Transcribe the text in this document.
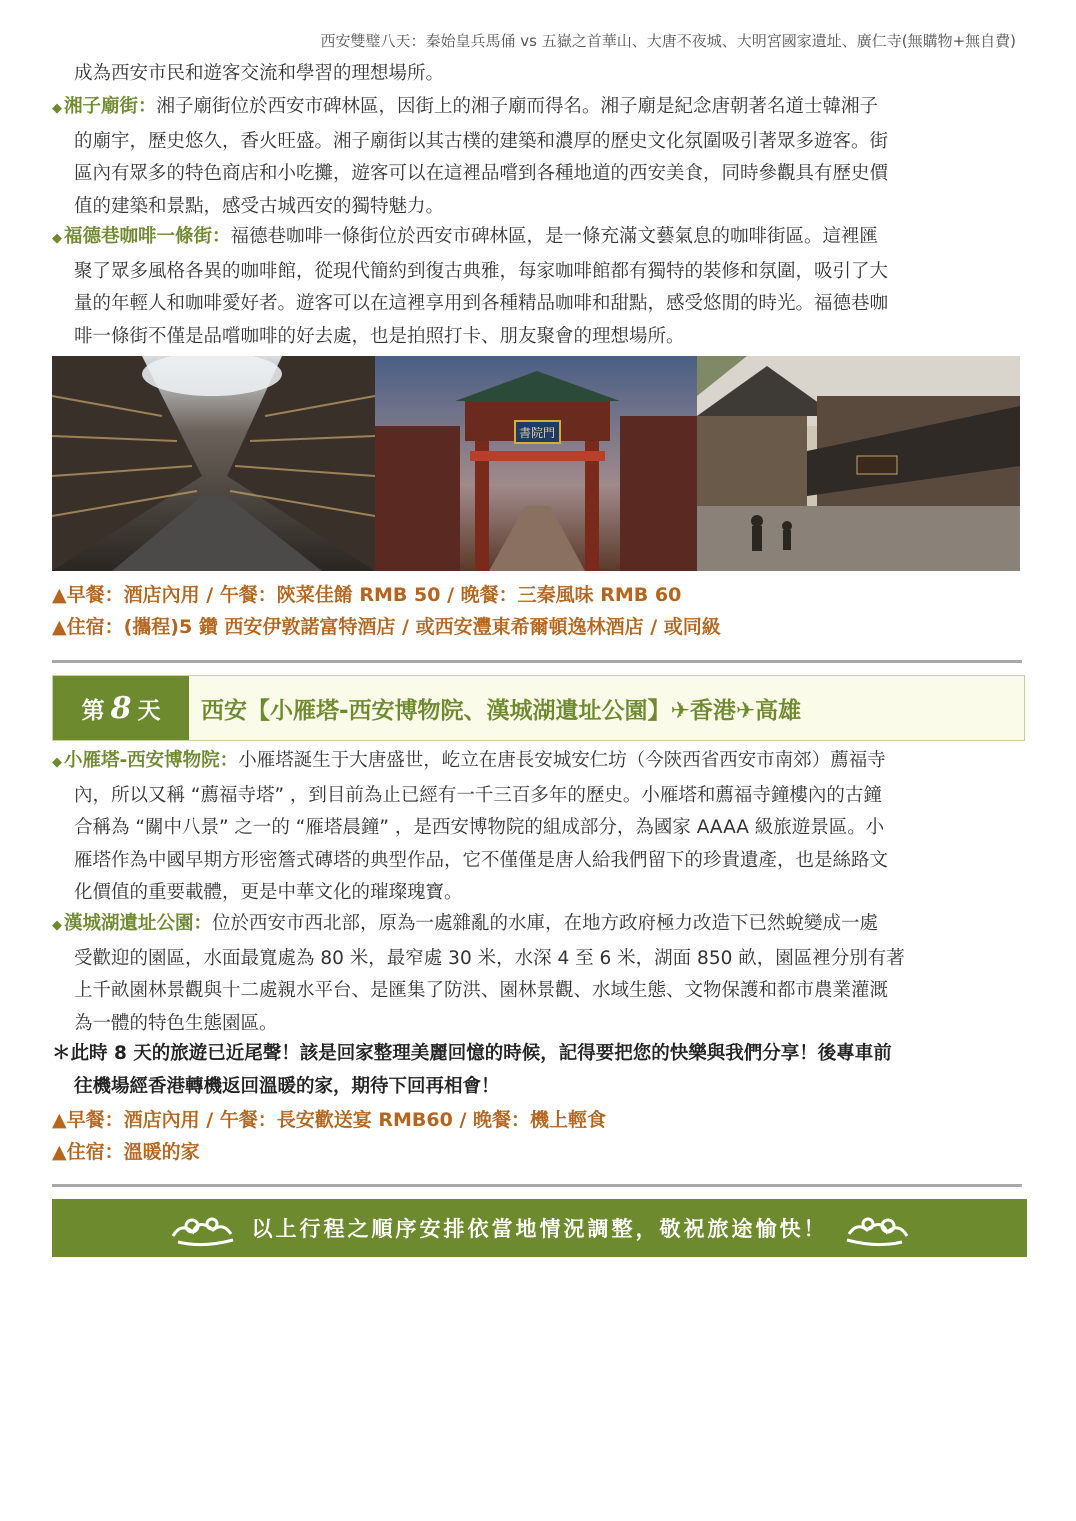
西安雙璧八天：秦始皇兵馬俑 vs 五嶽之首華山、大唐不夜城、大明宮國家遺址、廣仁寺(無購物+無自費)
成為西安市民和遊客交流和學習的理想場所。
◆ 湘子廟街：湘子廟街位於西安市碑林區，因街上的湘子廟而得名。湘子廟是紀念唐朝著名道士韓湘子
的廟宇，歷史悠久，香火旺盛。湘子廟街以其古樸的建築和濃厚的歷史文化氛圍吸引著眾多遊客。街
區內有眾多的特色商店和小吃攤，遊客可以在這裡品嚐到各種地道的西安美食，同時參觀具有歷史價
值的建築和景點，感受古城西安的獨特魅力。
◆ 福德巷咖啡一條街：福德巷咖啡一條街位於西安市碑林區，是一條充滿文藝氣息的咖啡街區。這裡匯
聚了眾多風格各異的咖啡館，從現代簡約到復古典雅，每家咖啡館都有獨特的裝修和氛圍，吸引了大
量的年輕人和咖啡愛好者。遊客可以在這裡享用到各種精品咖啡和甜點，感受悠閒的時光。福德巷咖
啡一條街不僅是品嚐咖啡的好去處，也是拍照打卡、朋友聚會的理想場所。
書院門
▲早餐：酒店內用 / 午餐：陝菜佳餚 RMB 50 / 晚餐：三秦風味 RMB 60
▲住宿：(攜程)5 鑽 西安伊敦諾富特酒店 / 或西安灃東希爾頓逸林酒店 / 或同級
第 8 天	西安【小雁塔-西安博物院、漢城湖遺址公園】✈香港✈高雄
◆ 小雁塔-西安博物院：小雁塔誕生于大唐盛世，屹立在唐長安城安仁坊（今陝西省西安市南郊）薦福寺
內，所以又稱 “薦福寺塔” ，到目前為止已經有一千三百多年的歷史。小雁塔和薦福寺鐘樓內的古鐘
合稱為 “關中八景” 之一的 “雁塔晨鐘” ，是西安博物院的組成部分，為國家 AAAA 級旅遊景區。小
雁塔作為中國早期方形密簷式磚塔的典型作品，它不僅僅是唐人給我們留下的珍貴遺產，也是絲路文
化價值的重要載體，更是中華文化的璀璨瑰寶。
◆ 漢城湖遺址公園：位於西安市西北部，原為一處雜亂的水庫，在地方政府極力改造下已然蛻變成一處
受歡迎的園區，水面最寬處為 80 米，最窄處 30 米，水深 4 至 6 米，湖面 850 畝，園區裡分別有著
上千畝園林景觀與十二處親水平台、是匯集了防洪、園林景觀、水域生態、文物保護和都市農業灌溉
為一體的特色生態園區。
＊此時 8 天的旅遊已近尾聲！該是回家整理美麗回憶的時候，記得要把您的快樂與我們分享！後專車前
往機場經香港轉機返回溫暖的家，期待下回再相會！
▲早餐：酒店內用 / 午餐：長安歡送宴 RMB60 / 晚餐：機上輕食
▲住宿：溫暖的家
以上行程之順序安排依當地情況調整，敬祝旅途愉快！
